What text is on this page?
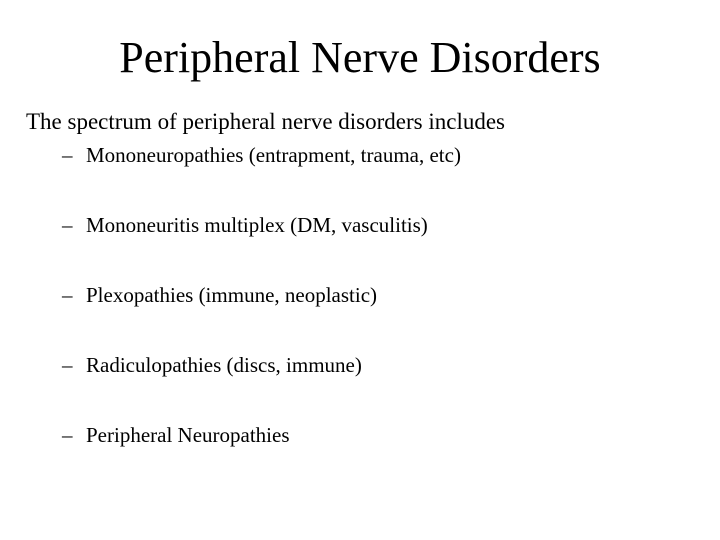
Peripheral Nerve Disorders
The spectrum of peripheral nerve disorders includes
– Mononeuropathies (entrapment, trauma, etc)
– Mononeuritis multiplex (DM, vasculitis)
– Plexopathies (immune, neoplastic)
– Radiculopathies (discs, immune)
– Peripheral Neuropathies
